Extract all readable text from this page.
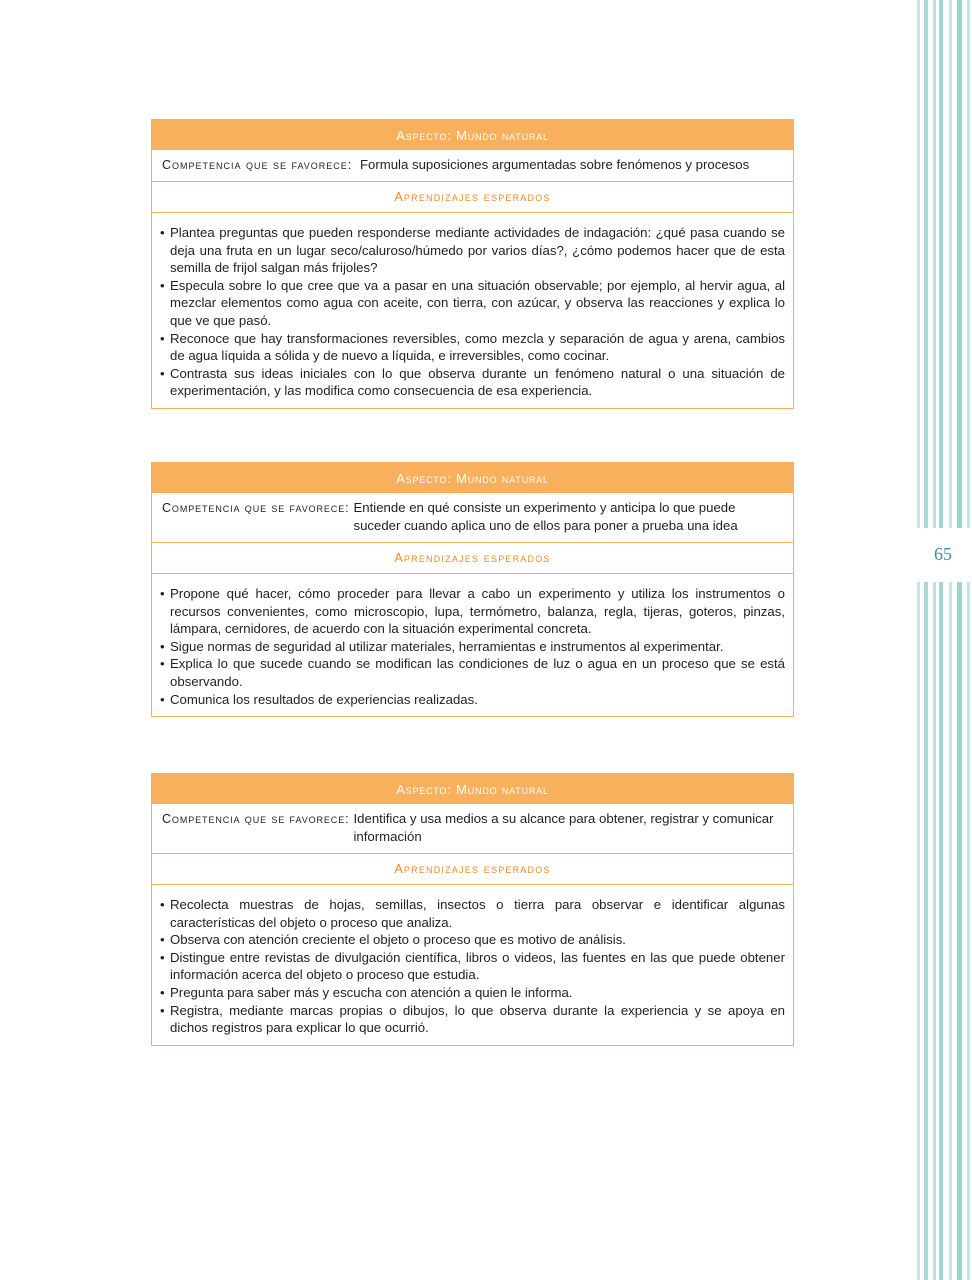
65
Aspecto: Mundo natural
Competencia que se favorece: Formula suposiciones argumentadas sobre fenómenos y procesos
Aprendizajes esperados
• Plantea preguntas que pueden responderse mediante actividades de indagación: ¿qué pasa cuando se deja una fruta en un lugar seco/caluroso/húmedo por varios días?, ¿cómo podemos hacer que de esta semilla de frijol salgan más frijoles?
• Especula sobre lo que cree que va a pasar en una situación observable; por ejemplo, al hervir agua, al mezclar elementos como agua con aceite, con tierra, con azúcar, y observa las reacciones y explica lo que ve que pasó.
• Reconoce que hay transformaciones reversibles, como mezcla y separación de agua y arena, cambios de agua líquida a sólida y de nuevo a líquida, e irreversibles, como cocinar.
• Contrasta sus ideas iniciales con lo que observa durante un fenómeno natural o una situación de experimentación, y las modifica como consecuencia de esa experiencia.
Aspecto: Mundo natural
Competencia que se favorece: Entiende en qué consiste un experimento y anticipa lo que puede suceder cuando aplica uno de ellos para poner a prueba una idea
Aprendizajes esperados
• Propone qué hacer, cómo proceder para llevar a cabo un experimento y utiliza los instrumentos o recursos convenientes, como microscopio, lupa, termómetro, balanza, regla, tijeras, goteros, pinzas, lámpara, cernidores, de acuerdo con la situación experimental concreta.
• Sigue normas de seguridad al utilizar materiales, herramientas e instrumentos al experimentar.
• Explica lo que sucede cuando se modifican las condiciones de luz o agua en un proceso que se está observando.
• Comunica los resultados de experiencias realizadas.
Aspecto: Mundo natural
Competencia que se favorece: Identifica y usa medios a su alcance para obtener, registrar y comunicar información
Aprendizajes esperados
• Recolecta muestras de hojas, semillas, insectos o tierra para observar e identificar algunas características del objeto o proceso que analiza.
• Observa con atención creciente el objeto o proceso que es motivo de análisis.
• Distingue entre revistas de divulgación científica, libros o videos, las fuentes en las que puede obtener información acerca del objeto o proceso que estudia.
• Pregunta para saber más y escucha con atención a quien le informa.
• Registra, mediante marcas propias o dibujos, lo que observa durante la experiencia y se apoya en dichos registros para explicar lo que ocurrió.
